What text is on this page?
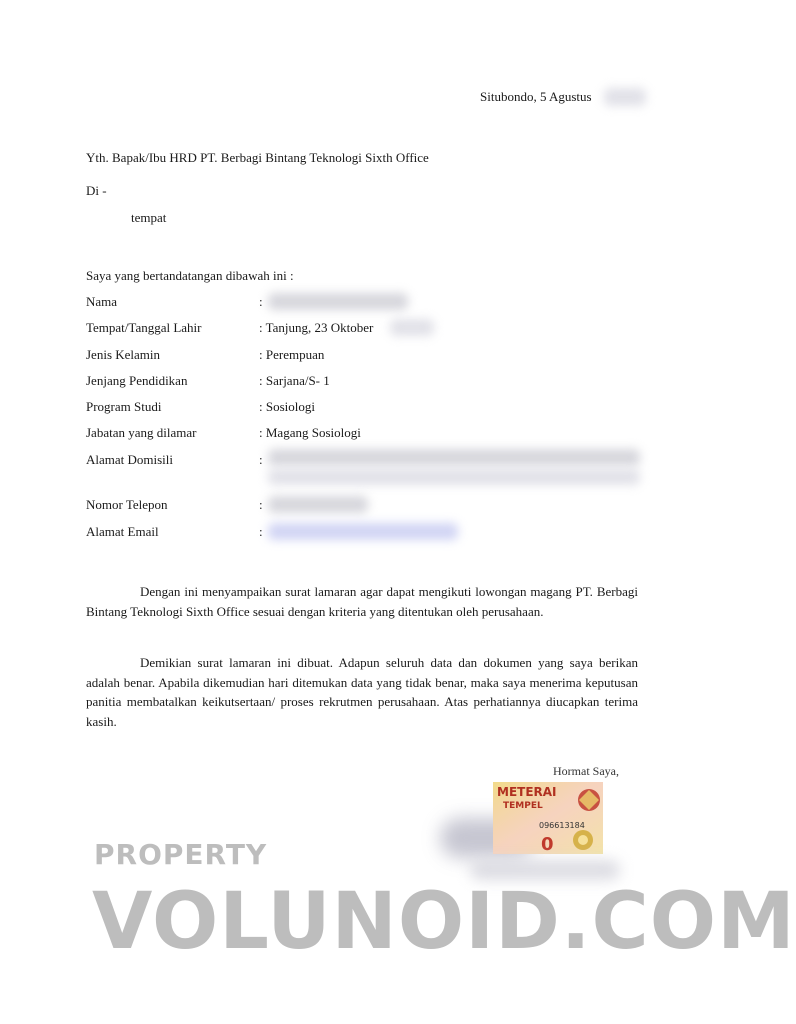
Situbondo, 5 Agustus
Yth. Bapak/Ibu HRD PT. Berbagi Bintang Teknologi Sixth Office
Di -
tempat
Saya yang bertandatangan dibawah ini :
Nama	:
Tempat/Tanggal Lahir	: Tanjung, 23 Oktober
Jenis Kelamin	: Perempuan
Jenjang Pendidikan	: Sarjana/S- 1
Program Studi	: Sosiologi
Jabatan yang dilamar	: Magang Sosiologi
Alamat Domisili	:
Nomor Telepon	:
Alamat Email	:
Dengan ini menyampaikan surat lamaran agar dapat mengikuti lowongan magang PT. Berbagi Bintang Teknologi Sixth Office sesuai dengan kriteria yang ditentukan oleh perusahaan.
Demikian surat lamaran ini dibuat. Adapun seluruh data dan dokumen yang saya berikan adalah benar. Apabila dikemudian hari ditemukan data yang tidak benar, maka saya menerima keputusan panitia membatalkan keikutsertaan/ proses rekrutmen perusahaan. Atas perhatiannya diucapkan terima kasih.
Hormat Saya,
METERAI
TEMPEL
096613184
0
PROPERTY
VOLUNOID.COM
